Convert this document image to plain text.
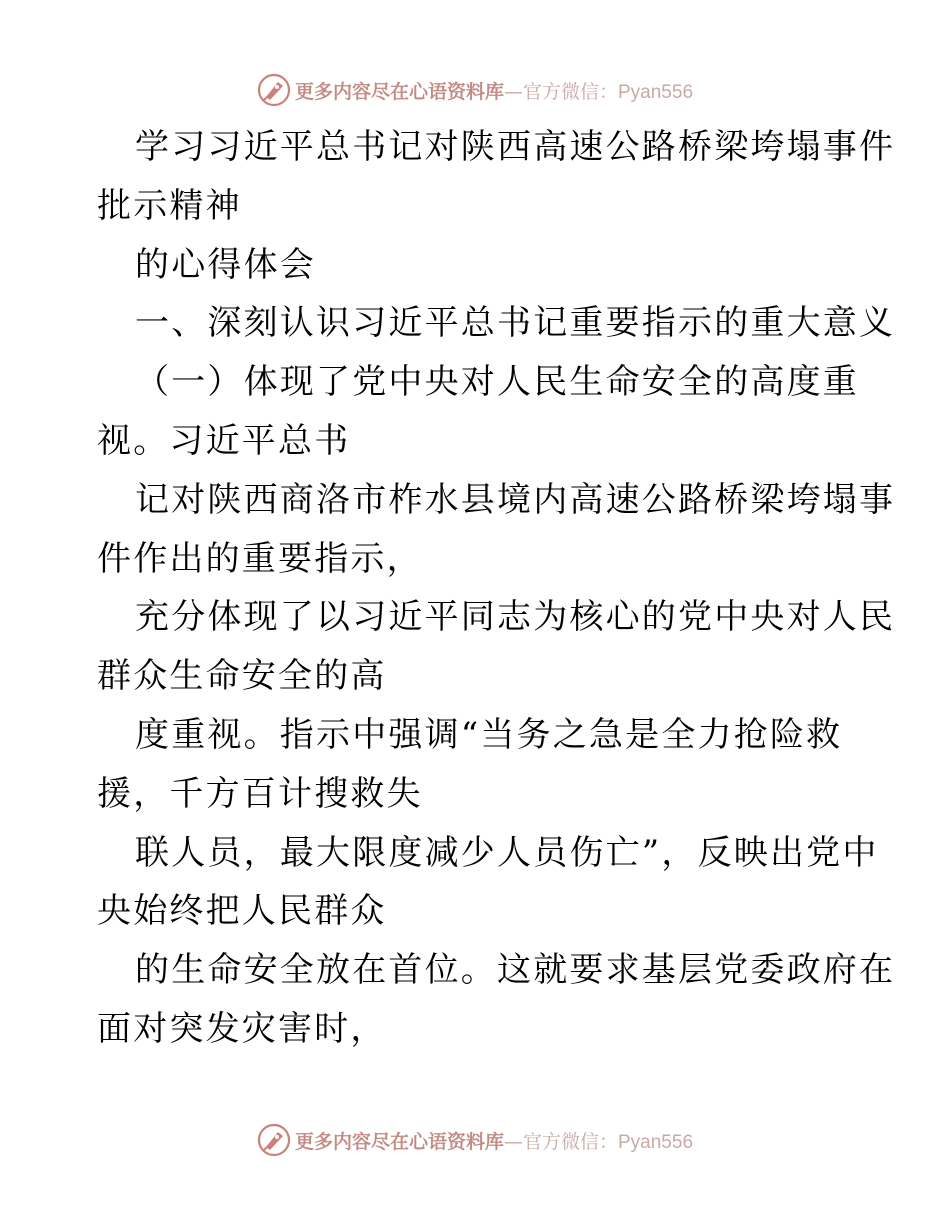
更多内容尽在心语资料库—官方微信：Pyan556
学习习近平总书记对陕西高速公路桥梁垮塌事件
批示精神
的心得体会
一、深刻认识习近平总书记重要指示的重大意义
（一）体现了党中央对人民生命安全的高度重
视。习近平总书
记对陕西商洛市柞水县境内高速公路桥梁垮塌事
件作出的重要指示，
充分体现了以习近平同志为核心的党中央对人民
群众生命安全的高
度重视。指示中强调“当务之急是全力抢险救
援，千方百计搜救失
联人员，最大限度减少人员伤亡”，反映出党中
央始终把人民群众
的生命安全放在首位。这就要求基层党委政府在
面对突发灾害时，
更多内容尽在心语资料库—官方微信：Pyan556
